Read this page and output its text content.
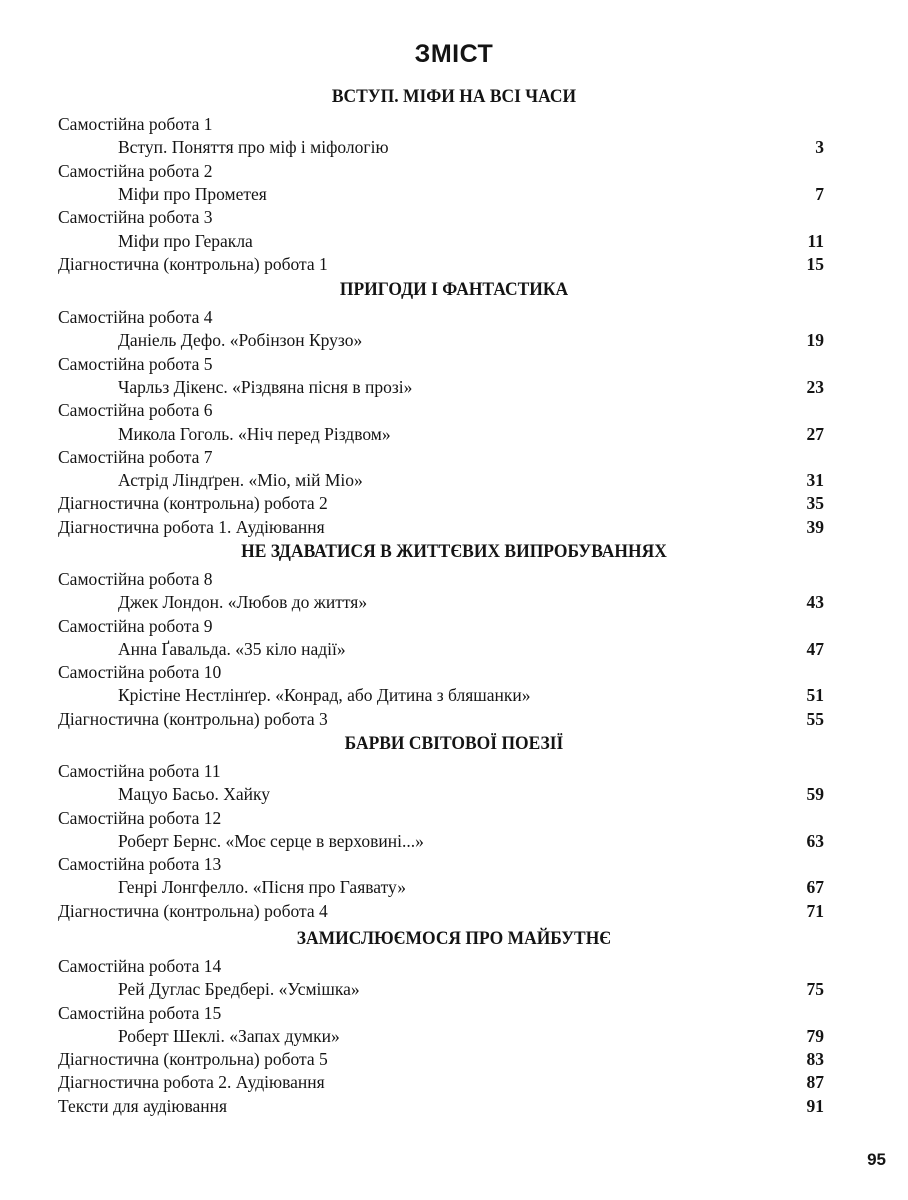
ЗМІСТ
ВСТУП. МІФИ НА ВСІ ЧАСИ
Самостійна робота 1
Вступ. Поняття про міф і міфологію	3
Самостійна робота 2
Міфи про Прометея	7
Самостійна робота 3
Міфи про Геракла	11
Діагностична (контрольна) робота 1	15
ПРИГОДИ І ФАНТАСТИКА
Самостійна робота 4
Даніель Дефо. «Робінзон Крузо»	19
Самостійна робота 5
Чарльз Дікенс. «Різдвяна пісня в прозі»	23
Самостійна робота 6
Микола Гоголь. «Ніч перед Різдвом»	27
Самостійна робота 7
Астрід Ліндґрен. «Міо, мій Міо»	31
Діагностична (контрольна) робота 2	35
Діагностична робота 1. Аудіювання	39
НЕ ЗДАВАТИСЯ В ЖИТТЄВИХ ВИПРОБУВАННЯХ
Самостійна робота 8
Джек Лондон. «Любов до життя»	43
Самостійна робота 9
Анна Ґавальда. «35 кіло надії»	47
Самостійна робота 10
Крістіне Нестлінґер. «Конрад, або Дитина з бляшанки»	51
Діагностична (контрольна) робота 3	55
БАРВИ СВІТОВОЇ ПОЕЗІЇ
Самостійна робота 11
Мацуо Басьо. Хайку	59
Самостійна робота 12
Роберт Бернс. «Моє серце в верховині...»	63
Самостійна робота 13
Генрі Лонгфелло. «Пісня про Гаявату»	67
Діагностична (контрольна) робота 4	71
ЗАМИСЛЮЄМОСЯ ПРО МАЙБУТНЄ
Самостійна робота 14
Рей Дуглас Бредбері. «Усмішка»	75
Самостійна робота 15
Роберт Шеклі. «Запах думки»	79
Діагностична (контрольна) робота 5	83
Діагностична робота 2. Аудіювання	87
Тексти для аудіювання	91
95
